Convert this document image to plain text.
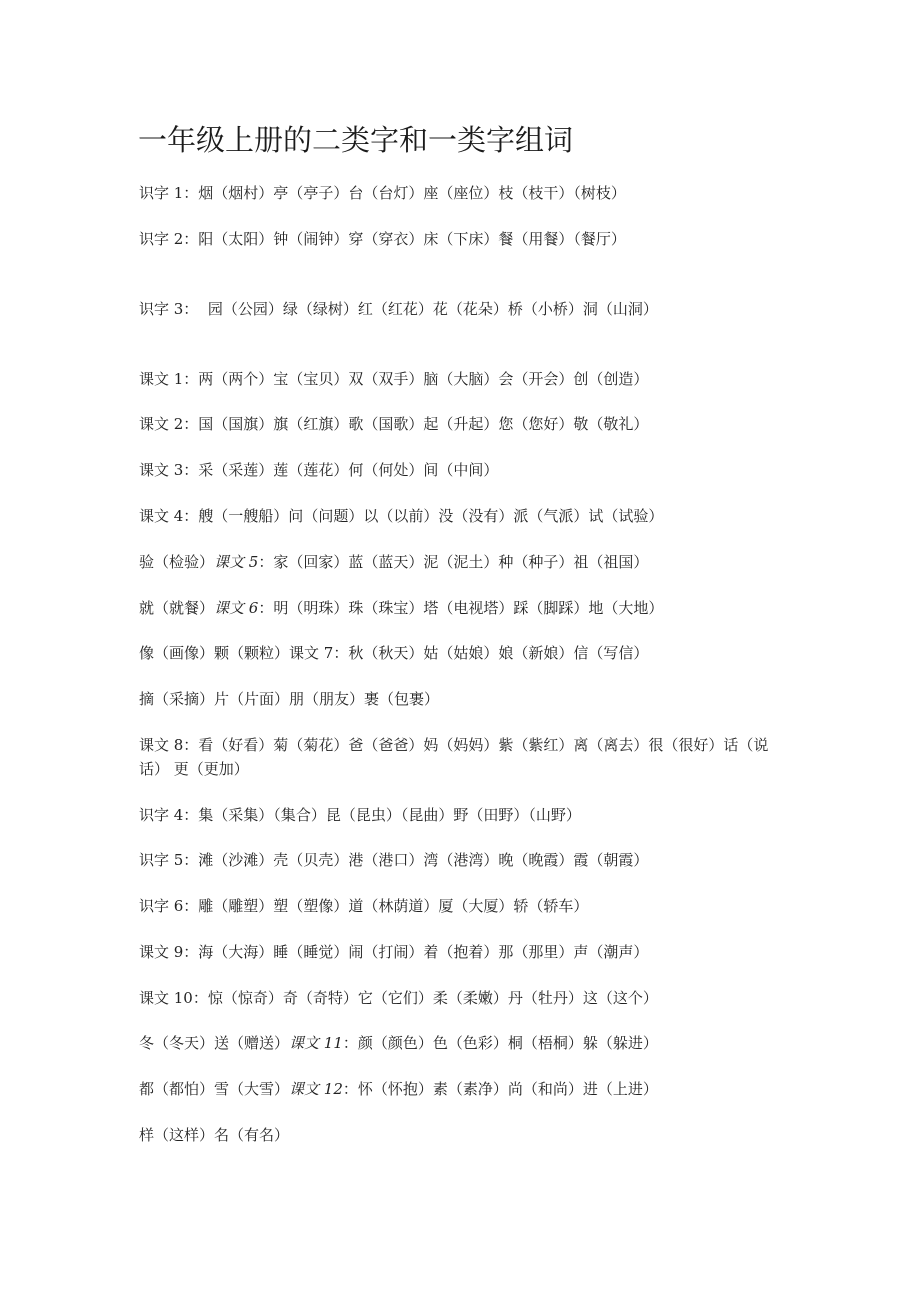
一年级上册的二类字和一类字组词
识字 1：烟（烟村）亭（亭子）台（台灯）座（座位）枝（枝干）（树枝）
识字 2：阳（太阳）钟（闹钟）穿（穿衣）床（下床）餐（用餐）（餐厅）
识字 3：  园（公园）绿（绿树）红（红花）花（花朵）桥（小桥）洞（山洞）
课文 1：两（两个）宝（宝贝）双（双手）脑（大脑）会（开会）创（创造）
课文 2：国（国旗）旗（红旗）歌（国歌）起（升起）您（您好）敬（敬礼）
课文 3：采（采莲）莲（莲花）何（何处）间（中间）
课文 4：艘（一艘船）问（问题）以（以前）没（没有）派（气派）试（试验）
验（检验）课文 5：家（回家）蓝（蓝天）泥（泥土）种（种子）祖（祖国）
就（就餐）课文 6：明（明珠）珠（珠宝）塔（电视塔）踩（脚踩）地（大地）
像（画像）颗（颗粒）课文 7：秋（秋天）姑（姑娘）娘（新娘）信（写信）
摘（采摘）片（片面）朋（朋友）裹（包裹）
课文 8：看（好看）菊（菊花）爸（爸爸）妈（妈妈）紫（紫红）离（离去）很（很好）话（说话） 更（更加）
识字 4：集（采集）（集合）昆（昆虫）（昆曲）野（田野）（山野）
识字 5：滩（沙滩）壳（贝壳）港（港口）湾（港湾）晚（晚霞）霞（朝霞）
识字 6：雕（雕塑）塑（塑像）道（林荫道）厦（大厦）轿（轿车）
课文 9：海（大海）睡（睡觉）闹（打闹）着（抱着）那（那里）声（潮声）
课文 10：惊（惊奇）奇（奇特）它（它们）柔（柔嫩）丹（牡丹）这（这个）
冬（冬天）送（赠送）课文 11：颜（颜色）色（色彩）桐（梧桐）躲（躲进）
都（都怕）雪（大雪）课文 12：怀（怀抱）素（素净）尚（和尚）进（上进）
样（这样）名（有名）
